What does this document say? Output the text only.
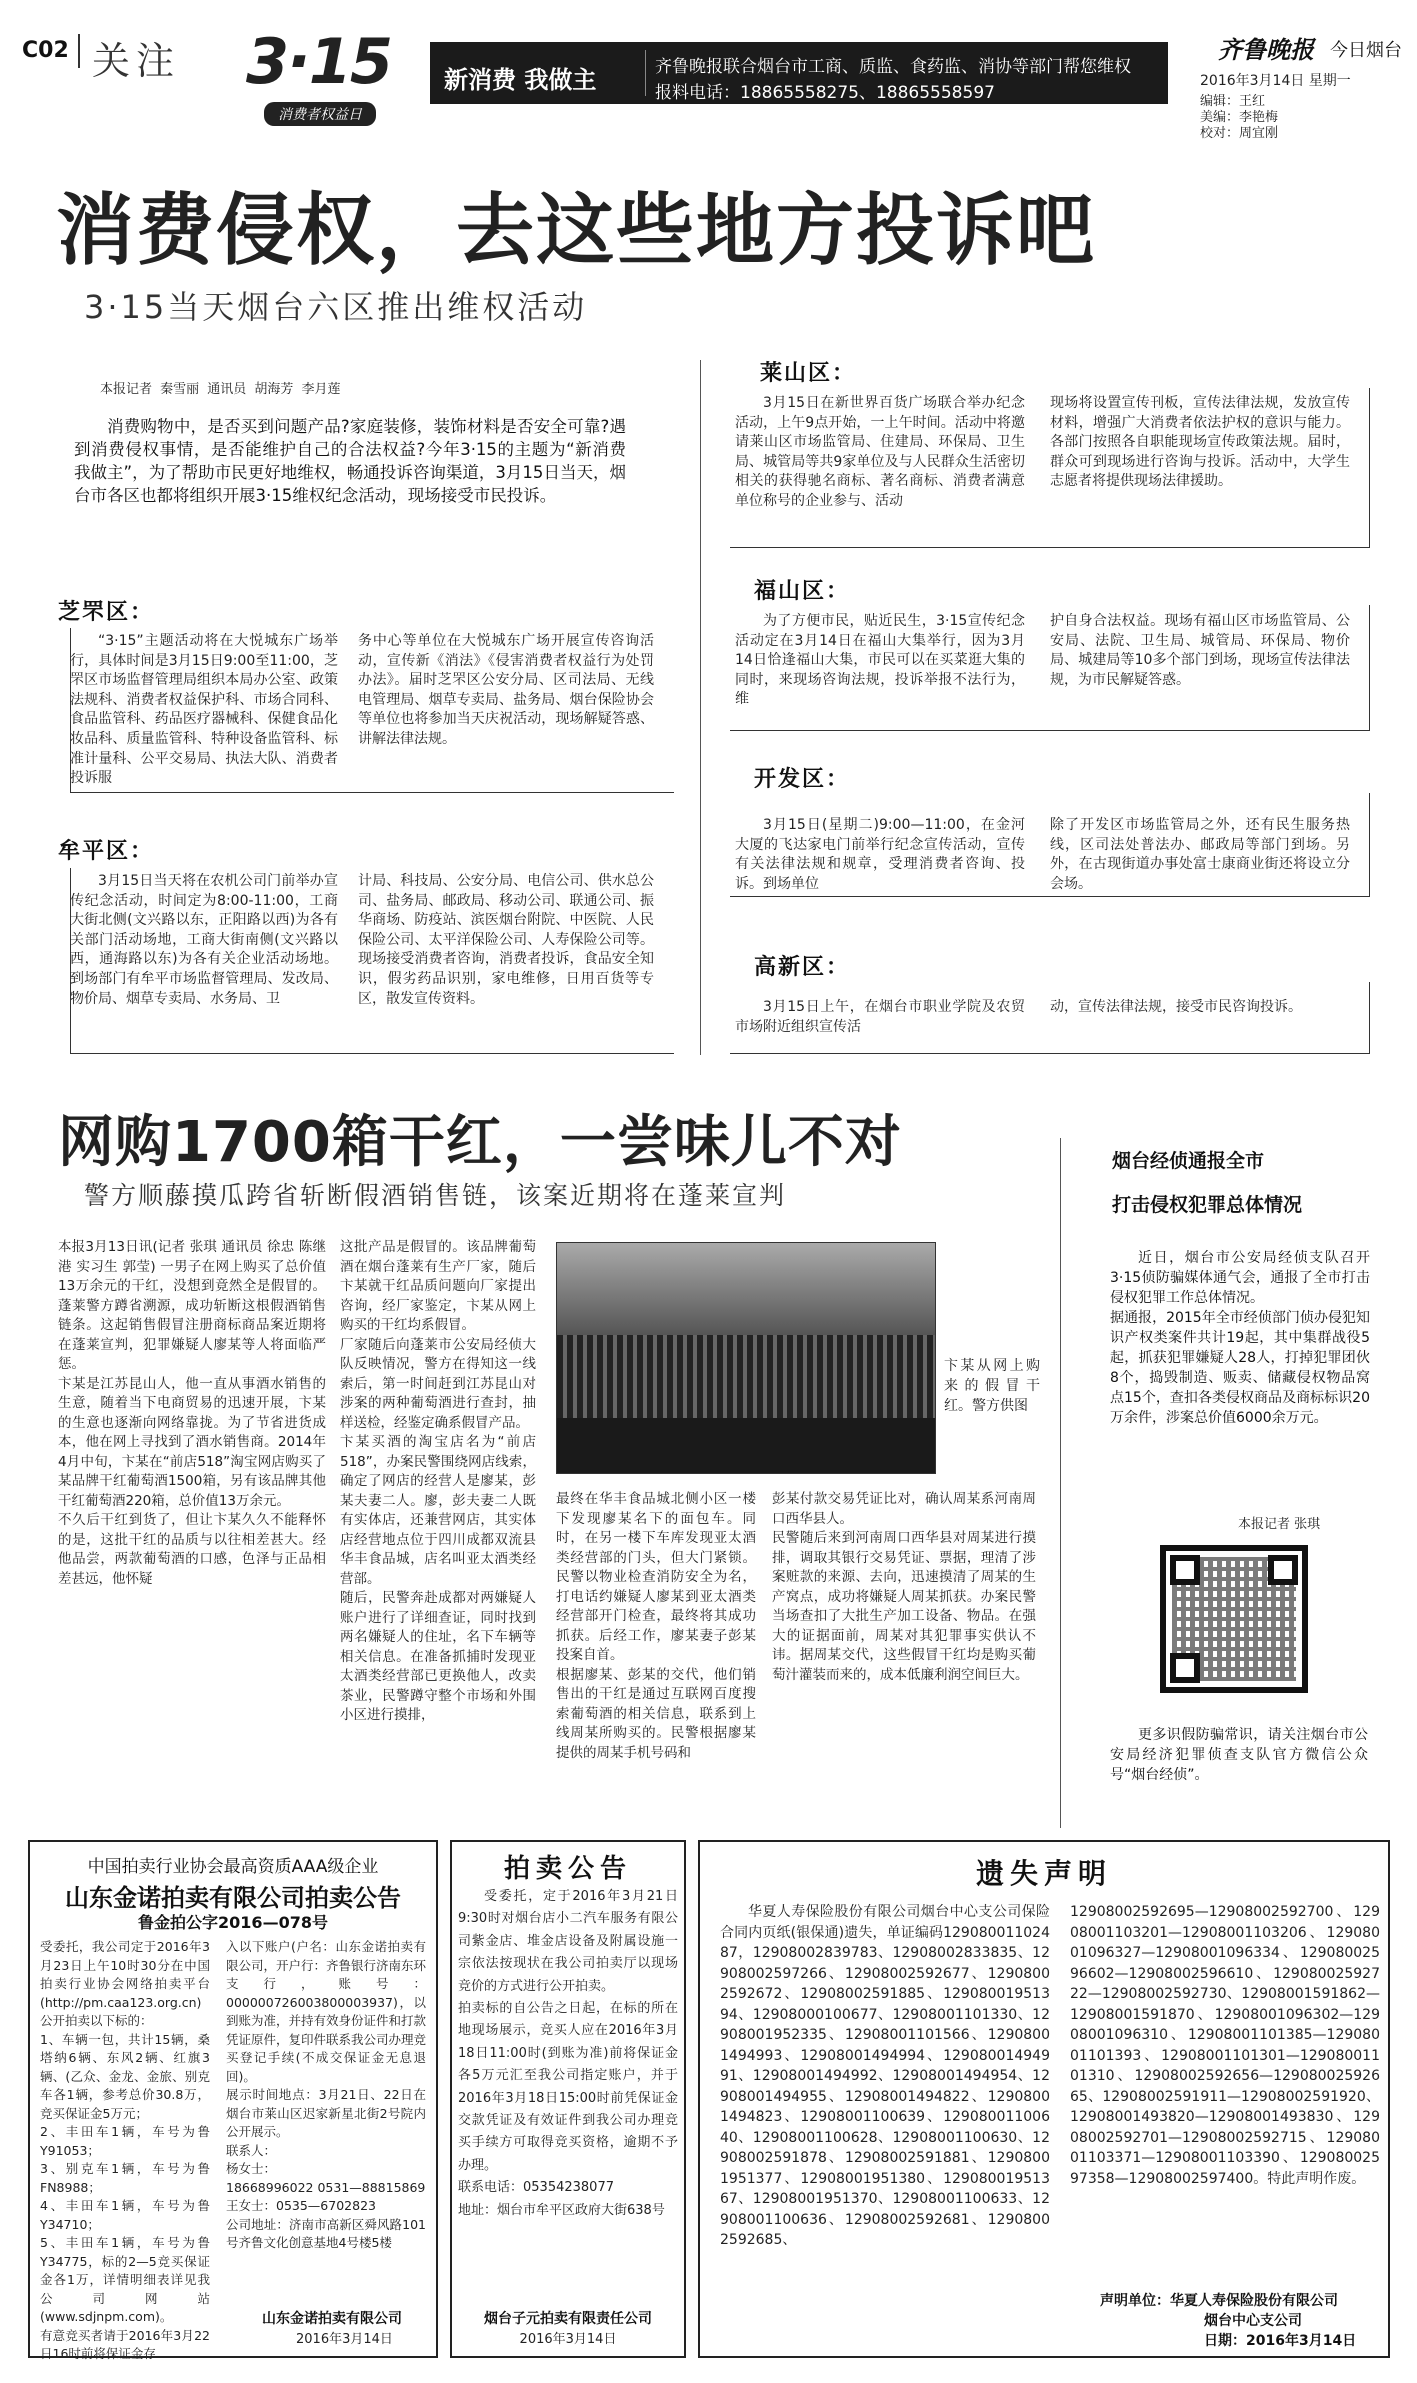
C02 关注 3·15
消费者权益日
新消费 我做主	齐鲁晚报联合烟台市工商、质监、食药监、消协等部门帮您维权
报料电话：18865558275、18865558597
齐鲁晚报 今日烟台
2016年3月14日 星期一
编辑：王红
美编：李艳梅
校对：周宜刚
消费侵权，去这些地方投诉吧
3·15当天烟台六区推出维权活动
本报记者 秦雪丽 通讯员 胡海芳 李月莲
消费购物中，是否买到问题产品?家庭装修，装饰材料是否安全可靠?遇到消费侵权事情，是否能维护自己的合法权益?今年3·15的主题为“新消费 我做主”，为了帮助市民更好地维权，畅通投诉咨询渠道，3月15日当天，烟台市各区也都将组织开展3·15维权纪念活动，现场接受市民投诉。
芝罘区：
“3·15”主题活动将在大悦城东广场举行，具体时间是3月15日9:00至11:00，芝罘区市场监督管理局组织本局办公室、政策法规科、消费者权益保护科、市场合同科、食品监管科、药品医疗器械科、保健食品化妆品科、质量监管科、特种设备监管科、标准计量科、公平交易局、执法大队、消费者投诉服
务中心等单位在大悦城东广场开展宣传咨询活动，宣传新《消法》《侵害消费者权益行为处罚办法》。届时芝罘区公安分局、区司法局、无线电管理局、烟草专卖局、盐务局、烟台保险协会等单位也将参加当天庆祝活动，现场解疑答惑、讲解法律法规。
牟平区：
3月15日当天将在农机公司门前举办宣传纪念活动，时间定为8:00-11:00，工商大街北侧(文兴路以东，正阳路以西)为各有关部门活动场地，工商大街南侧(文兴路以西，通海路以东)为各有关企业活动场地。到场部门有牟平市场监督管理局、发改局、物价局、烟草专卖局、水务局、卫
计局、科技局、公安分局、电信公司、供水总公司、盐务局、邮政局、移动公司、联通公司、振华商场、防疫站、滨医烟台附院、中医院、人民保险公司、太平洋保险公司、人寿保险公司等。现场接受消费者咨询，消费者投诉，食品安全知识，假劣药品识别，家电维修，日用百货等专区，散发宣传资料。
莱山区：
3月15日在新世界百货广场联合举办纪念活动，上午9点开始，一上午时间。活动中将邀请莱山区市场监管局、住建局、环保局、卫生局、城管局等共9家单位及与人民群众生活密切相关的获得驰名商标、著名商标、消费者满意单位称号的企业参与、活动
现场将设置宣传刊板，宣传法律法规，发放宣传材料，增强广大消费者依法护权的意识与能力。各部门按照各自职能现场宣传政策法规。届时，群众可到现场进行咨询与投诉。活动中，大学生志愿者将提供现场法律援助。
福山区：
为了方便市民，贴近民生，3·15宣传纪念活动定在3月14日在福山大集举行，因为3月14日恰逢福山大集，市民可以在买菜逛大集的同时，来现场咨询法规，投诉举报不法行为，维
护自身合法权益。现场有福山区市场监管局、公安局、法院、卫生局、城管局、环保局、物价局、城建局等10多个部门到场，现场宣传法律法规，为市民解疑答惑。
开发区：
3月15日(星期二)9:00—11:00，在金河大厦的飞达家电门前举行纪念宣传活动，宣传有关法律法规和规章，受理消费者咨询、投诉。到场单位
除了开发区市场监管局之外，还有民生服务热线，区司法处普法办、邮政局等部门到场。另外，在古现街道办事处富士康商业街还将设立分会场。
高新区：
3月15日上午，在烟台市职业学院及农贸市场附近组织宣传活
动，宣传法律法规，接受市民咨询投诉。
网购1700箱干红，一尝味儿不对
警方顺藤摸瓜跨省斩断假酒销售链，该案近期将在蓬莱宣判
本报3月13日讯(记者 张琪 通讯员 徐忠 陈继港 实习生 郭莹) 一男子在网上购买了总价值13万余元的干红，没想到竟然全是假冒的。蓬莱警方蹲省溯源，成功斩断这根假酒销售链条。这起销售假冒注册商标商品案近期将在蓬莱宣判，犯罪嫌疑人廖某等人将面临严惩。
卞某是江苏昆山人，他一直从事酒水销售的生意，随着当下电商贸易的迅速开展，卞某的生意也逐渐向网络靠拢。为了节省进货成本，他在网上寻找到了酒水销售商。2014年4月中旬，卞某在“前店518”淘宝网店购买了某品牌干红葡萄酒1500箱，另有该品牌其他干红葡萄酒220箱，总价值13万余元。
不久后干红到货了，但让卞某久久不能释怀的是，这批干红的品质与以往相差甚大。经他品尝，两款葡萄酒的口感，色泽与正品相差甚远，他怀疑
这批产品是假冒的。该品牌葡萄酒在烟台蓬莱有生产厂家，随后卞某就干红品质问题向厂家提出咨询，经厂家鉴定，卞某从网上购买的干红均系假冒。
厂家随后向蓬莱市公安局经侦大队反映情况，警方在得知这一线索后，第一时间赶到江苏昆山对涉案的两种葡萄酒进行查封，抽样送检，经鉴定确系假冒产品。
卞某买酒的淘宝店名为“前店518”，办案民警围绕网店线索，确定了网店的经营人是廖某，彭某夫妻二人。廖，彭夫妻二人既有实体店，还兼营网店，其实体店经营地点位于四川成都双流县华丰食品城，店名叫亚太酒类经营部。
随后，民警奔赴成都对两嫌疑人账户进行了详细查证，同时找到两名嫌疑人的住址，名下车辆等相关信息。在准备抓捕时发现亚太酒类经营部已更换他人，改卖茶业，民警蹲守整个市场和外围小区进行摸排，
卞某从网上购来的假冒干红。警方供图
最终在华丰食品城北侧小区一楼下发现廖某名下的面包车。同时，在另一楼下车库发现亚太酒类经营部的门头，但大门紧锁。民警以物业检查消防安全为名，打电话约嫌疑人廖某到亚太酒类经营部开门检查，最终将其成功抓获。后经工作，廖某妻子彭某投案自首。
根据廖某、彭某的交代，他们销售出的干红是通过互联网百度搜索葡萄酒的相关信息，联系到上线周某所购买的。民警根据廖某提供的周某手机号码和
彭某付款交易凭证比对，确认周某系河南周口西华县人。
民警随后来到河南周口西华县对周某进行摸排，调取其银行交易凭证、票据，理清了涉案赃款的来源、去向，迅速摸清了周某的生产窝点，成功将嫌疑人周某抓获。办案民警当场查扣了大批生产加工设备、物品。在强大的证据面前，周某对其犯罪事实供认不讳。据周某交代，这些假冒干红均是购买葡萄汁灌装而来的，成本低廉利润空间巨大。
烟台经侦通报全市
打击侵权犯罪总体情况
近日，烟台市公安局经侦支队召开3·15侦防骗媒体通气会，通报了全市打击侵权犯罪工作总体情况。
据通报，2015年全市经侦部门侦办侵犯知识产权类案件共计19起，其中集群战役5起，抓获犯罪嫌疑人28人，打掉犯罪团伙8个，捣毁制造、贩卖、储藏侵权物品窝点15个，查扣各类侵权商品及商标标识20万余件，涉案总价值6000余万元。
本报记者 张琪
更多识假防骗常识，请关注烟台市公安局经济犯罪侦查支队官方微信公众号“烟台经侦”。
中国拍卖行业协会最高资质AAA级企业
山东金诺拍卖有限公司拍卖公告
鲁金拍公字2016—078号
受委托，我公司定于2016年3月23日上午10时30分在中国拍卖行业协会网络拍卖平台(http://pm.caa123.org.cn)公开拍卖以下标的：
1、车辆一包，共计15辆，桑塔纳6辆、东风2辆、红旗3辆、(乙众、金龙、金旅、别克车各1辆，参考总价30.8万，竞买保证金5万元；
2、丰田车1辆，车号为鲁Y91053；
3、别克车1辆，车号为鲁FN8988；
4、丰田车1辆，车号为鲁Y34710；
5、丰田车1辆，车号为鲁Y34775，标的2—5竞买保证金各1万，详情明细表详见我公司网站(www.sdjnpm.com)。
有意竞买者请于2016年3月22日16时前将保证金存
入以下账户(户名：山东金诺拍卖有限公司，开户行：齐鲁银行济南东环支行，账号：000000726003800003937)，以到账为准，并持有效身份证件和打款凭证原件，复印件联系我公司办理竞买登记手续(不成交保证金无息退回)。
展示时间地点：3月21日、22日在烟台市莱山区迟家新星北街2号院内公开展示。
联系人：
杨女士：
18668996022 0531—88815869
王女士：0535—6702823
公司地址：济南市高新区舜风路101号齐鲁文化创意基地4号楼5楼
山东金诺拍卖有限公司
2016年3月14日
拍卖公告
受委托，定于2016年3月21日9:30时对烟台店小二汽车服务有限公司紫金店、堆金店设备及附属设施一宗依法按现状在我公司拍卖厅以现场竞价的方式进行公开拍卖。
拍卖标的自公告之日起，在标的所在地现场展示，竞买人应在2016年3月18日11:00时(到账为准)前将保证金各5万元汇至我公司指定账户，并于2016年3月18日15:00时前凭保证金交款凭证及有效证件到我公司办理竞买手续方可取得竞买资格，逾期不予办理。
联系电话：05354238077
地址：烟台市牟平区政府大街638号
烟台子元拍卖有限责任公司
2016年3月14日
遗失声明
华夏人寿保险股份有限公司烟台中心支公司保险合同内页纸(银保通)遗失，单证编码12908001102487，12908002839783、12908002833835、12908002597266、12908002592677、12908002592672、12908002591885、12908001951394、12908000100677、12908001101330、12908001952335、12908001101566、12908001494993、12908001494994、12908001494991、12908001494992、12908001494954、12908001494955、12908001494822、12908001494823、12908001100639、12908001100640、12908001100628、12908001100630、12908002591878、12908002591881、12908001951377、12908001951380、12908001951367、12908001951370、12908001100633、12908001100636、12908002592681、12908002592685、
12908002592695—12908002592700、12908001103201—12908001103206、12908001096327—12908001096334、12908002596602—12908002596610、12908002592722—12908002592730、12908001591862—12908001591870、12908001096302—12908001096310、12908001101385—12908001101393、12908001101301—12908001101310、12908002592656—12908002592665、12908002591911—12908002591920、12908001493820—12908001493830、12908002592701—12908002592715、12908001103371—12908001103390、12908002597358—12908002597400。特此声明作废。
声明单位：华夏人寿保险股份有限公司
烟台中心支公司
日期：2016年3月14日
